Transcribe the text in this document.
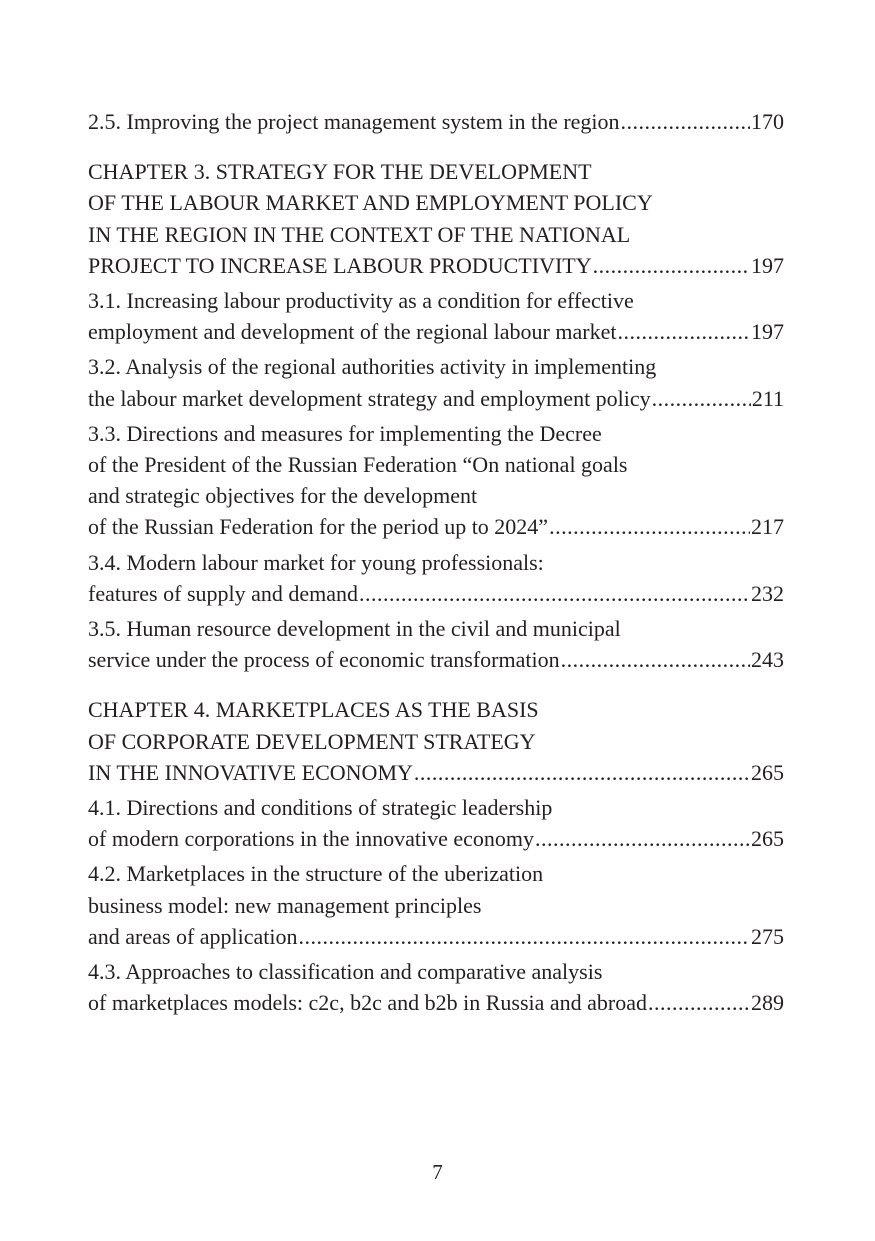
2.5. Improving the project management system in the region .....	170
CHAPTER 3. STRATEGY FOR THE DEVELOPMENT
OF THE LABOUR MARKET AND EMPLOYMENT POLICY
IN THE REGION IN THE CONTEXT OF THE NATIONAL
PROJECT TO INCREASE LABOUR PRODUCTIVITY .....	197
3.1. Increasing labour productivity as a condition for effective
employment and development of the regional labour market .....	197
3.2. Analysis of the regional authorities activity in implementing
the labour market development strategy and employment policy .....	211
3.3. Directions and measures for implementing the Decree
of the President of the Russian Federation “On national goals
and strategic objectives for the development
of the Russian Federation for the period up to 2024” .....	217
3.4. Modern labour market for young professionals:
features of supply and demand .....	232
3.5. Human resource development in the civil and municipal
service under the process of economic transformation .....	243
CHAPTER 4. MARKETPLACES AS THE BASIS
OF CORPORATE DEVELOPMENT STRATEGY
IN THE INNOVATIVE ECONOMY .....	265
4.1. Directions and conditions of strategic leadership
of modern corporations in the innovative economy .....	265
4.2. Marketplaces in the structure of the uberization
business model: new management principles
and areas of application .....	275
4.3. Approaches to classification and comparative analysis
of marketplaces models: c2c, b2c and b2b in Russia and abroad .....	289
7
